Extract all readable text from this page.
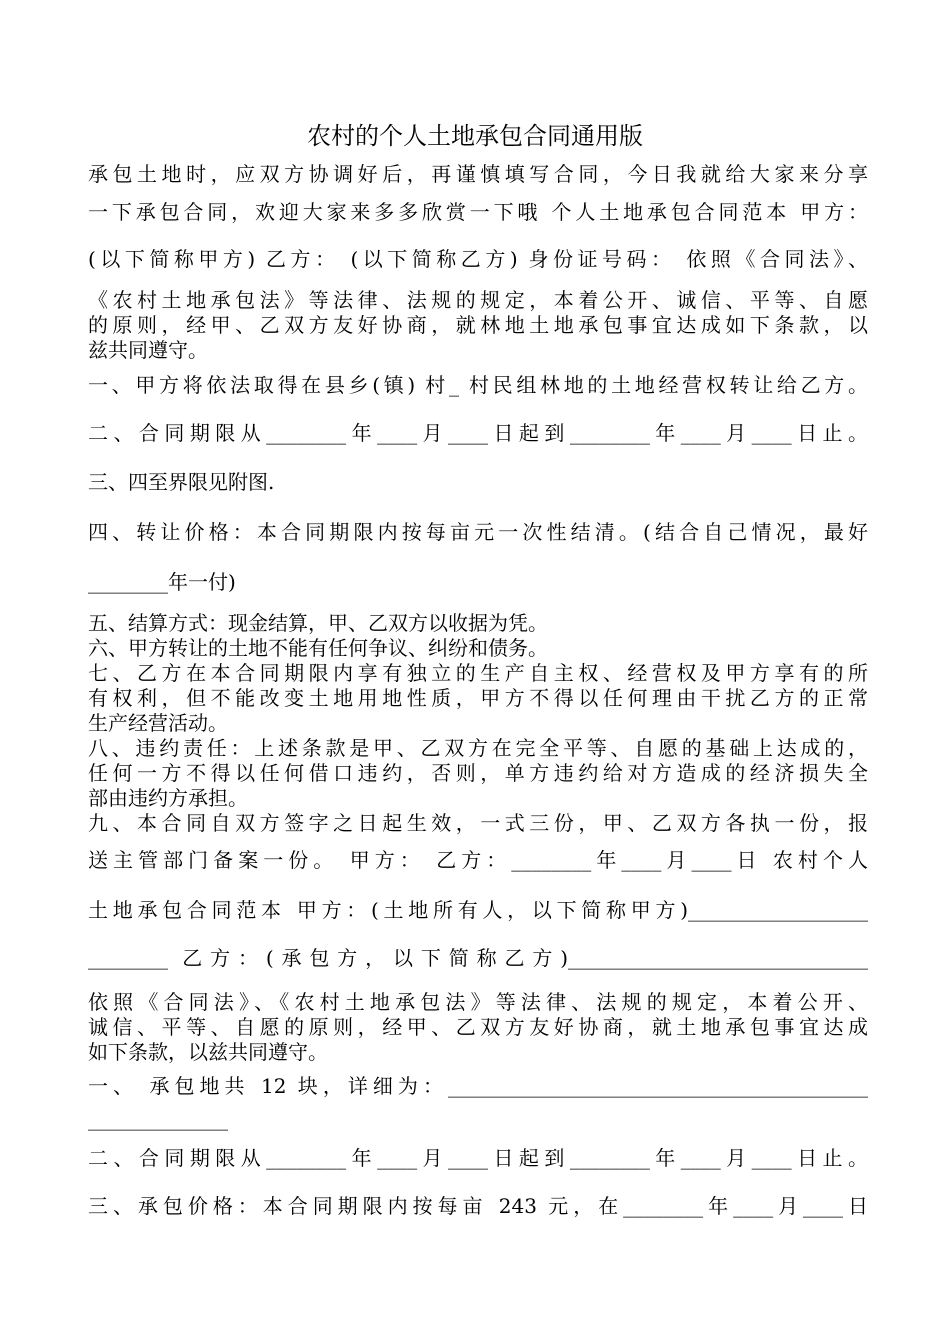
农村的个人土地承包合同通用版
承包土地时，应双方协调好后，再谨慎填写合同，今日我就给大家来分享
一下承包合同，欢迎大家来多多欣赏一下哦 个人土地承包合同范本 甲方：
(以下简称甲方) 乙方： (以下简称乙方) 身份证号码： 依照《合同法》、
《农村土地承包法》等法律、法规的规定，本着公开、诚信、平等、自愿
的原则，经甲、乙双方友好协商，就林地土地承包事宜达成如下条款，以
兹共同遵守。
一、甲方将依法取得在县乡(镇) 村_ 村民组林地的土地经营权转让给乙方。
二、合同期限从________年____月____日起到________年____月____日止。
三、四至界限见附图.
四、转让价格：本合同期限内按每亩元一次性结清。(结合自己情况，最好
________年一付)
五、结算方式：现金结算，甲、乙双方以收据为凭。
六、甲方转让的土地不能有任何争议、纠纷和债务。
七、乙方在本合同期限内享有独立的生产自主权、经营权及甲方享有的所
有权利，但不能改变土地用地性质，甲方不得以任何理由干扰乙方的正常
生产经营活动。
八、违约责任：上述条款是甲、乙双方在完全平等、自愿的基础上达成的，
任何一方不得以任何借口违约，否则，单方违约给对方造成的经济损失全
部由违约方承担。
九、本合同自双方签字之日起生效，一式三份，甲、乙双方各执一份，报
送主管部门备案一份。 甲方： 乙方：________年____月____日 农村个人
土地承包合同范本 甲方：(土地所有人，以下简称甲方)__________________
________ 乙方：(承包方，以下简称乙方)______________________________
依照《合同法》、《农村土地承包法》等法律、法规的规定，本着公开、
诚信、平等、自愿的原则，经甲、乙双方友好协商，就土地承包事宜达成
如下条款，以兹共同遵守。
一、 承包地共 12 块，详细为：__________________________________________
______________
二、合同期限从________年____月____日起到________年____月____日止。
三、承包价格：本合同期限内按每亩 243 元，在________年____月____日
